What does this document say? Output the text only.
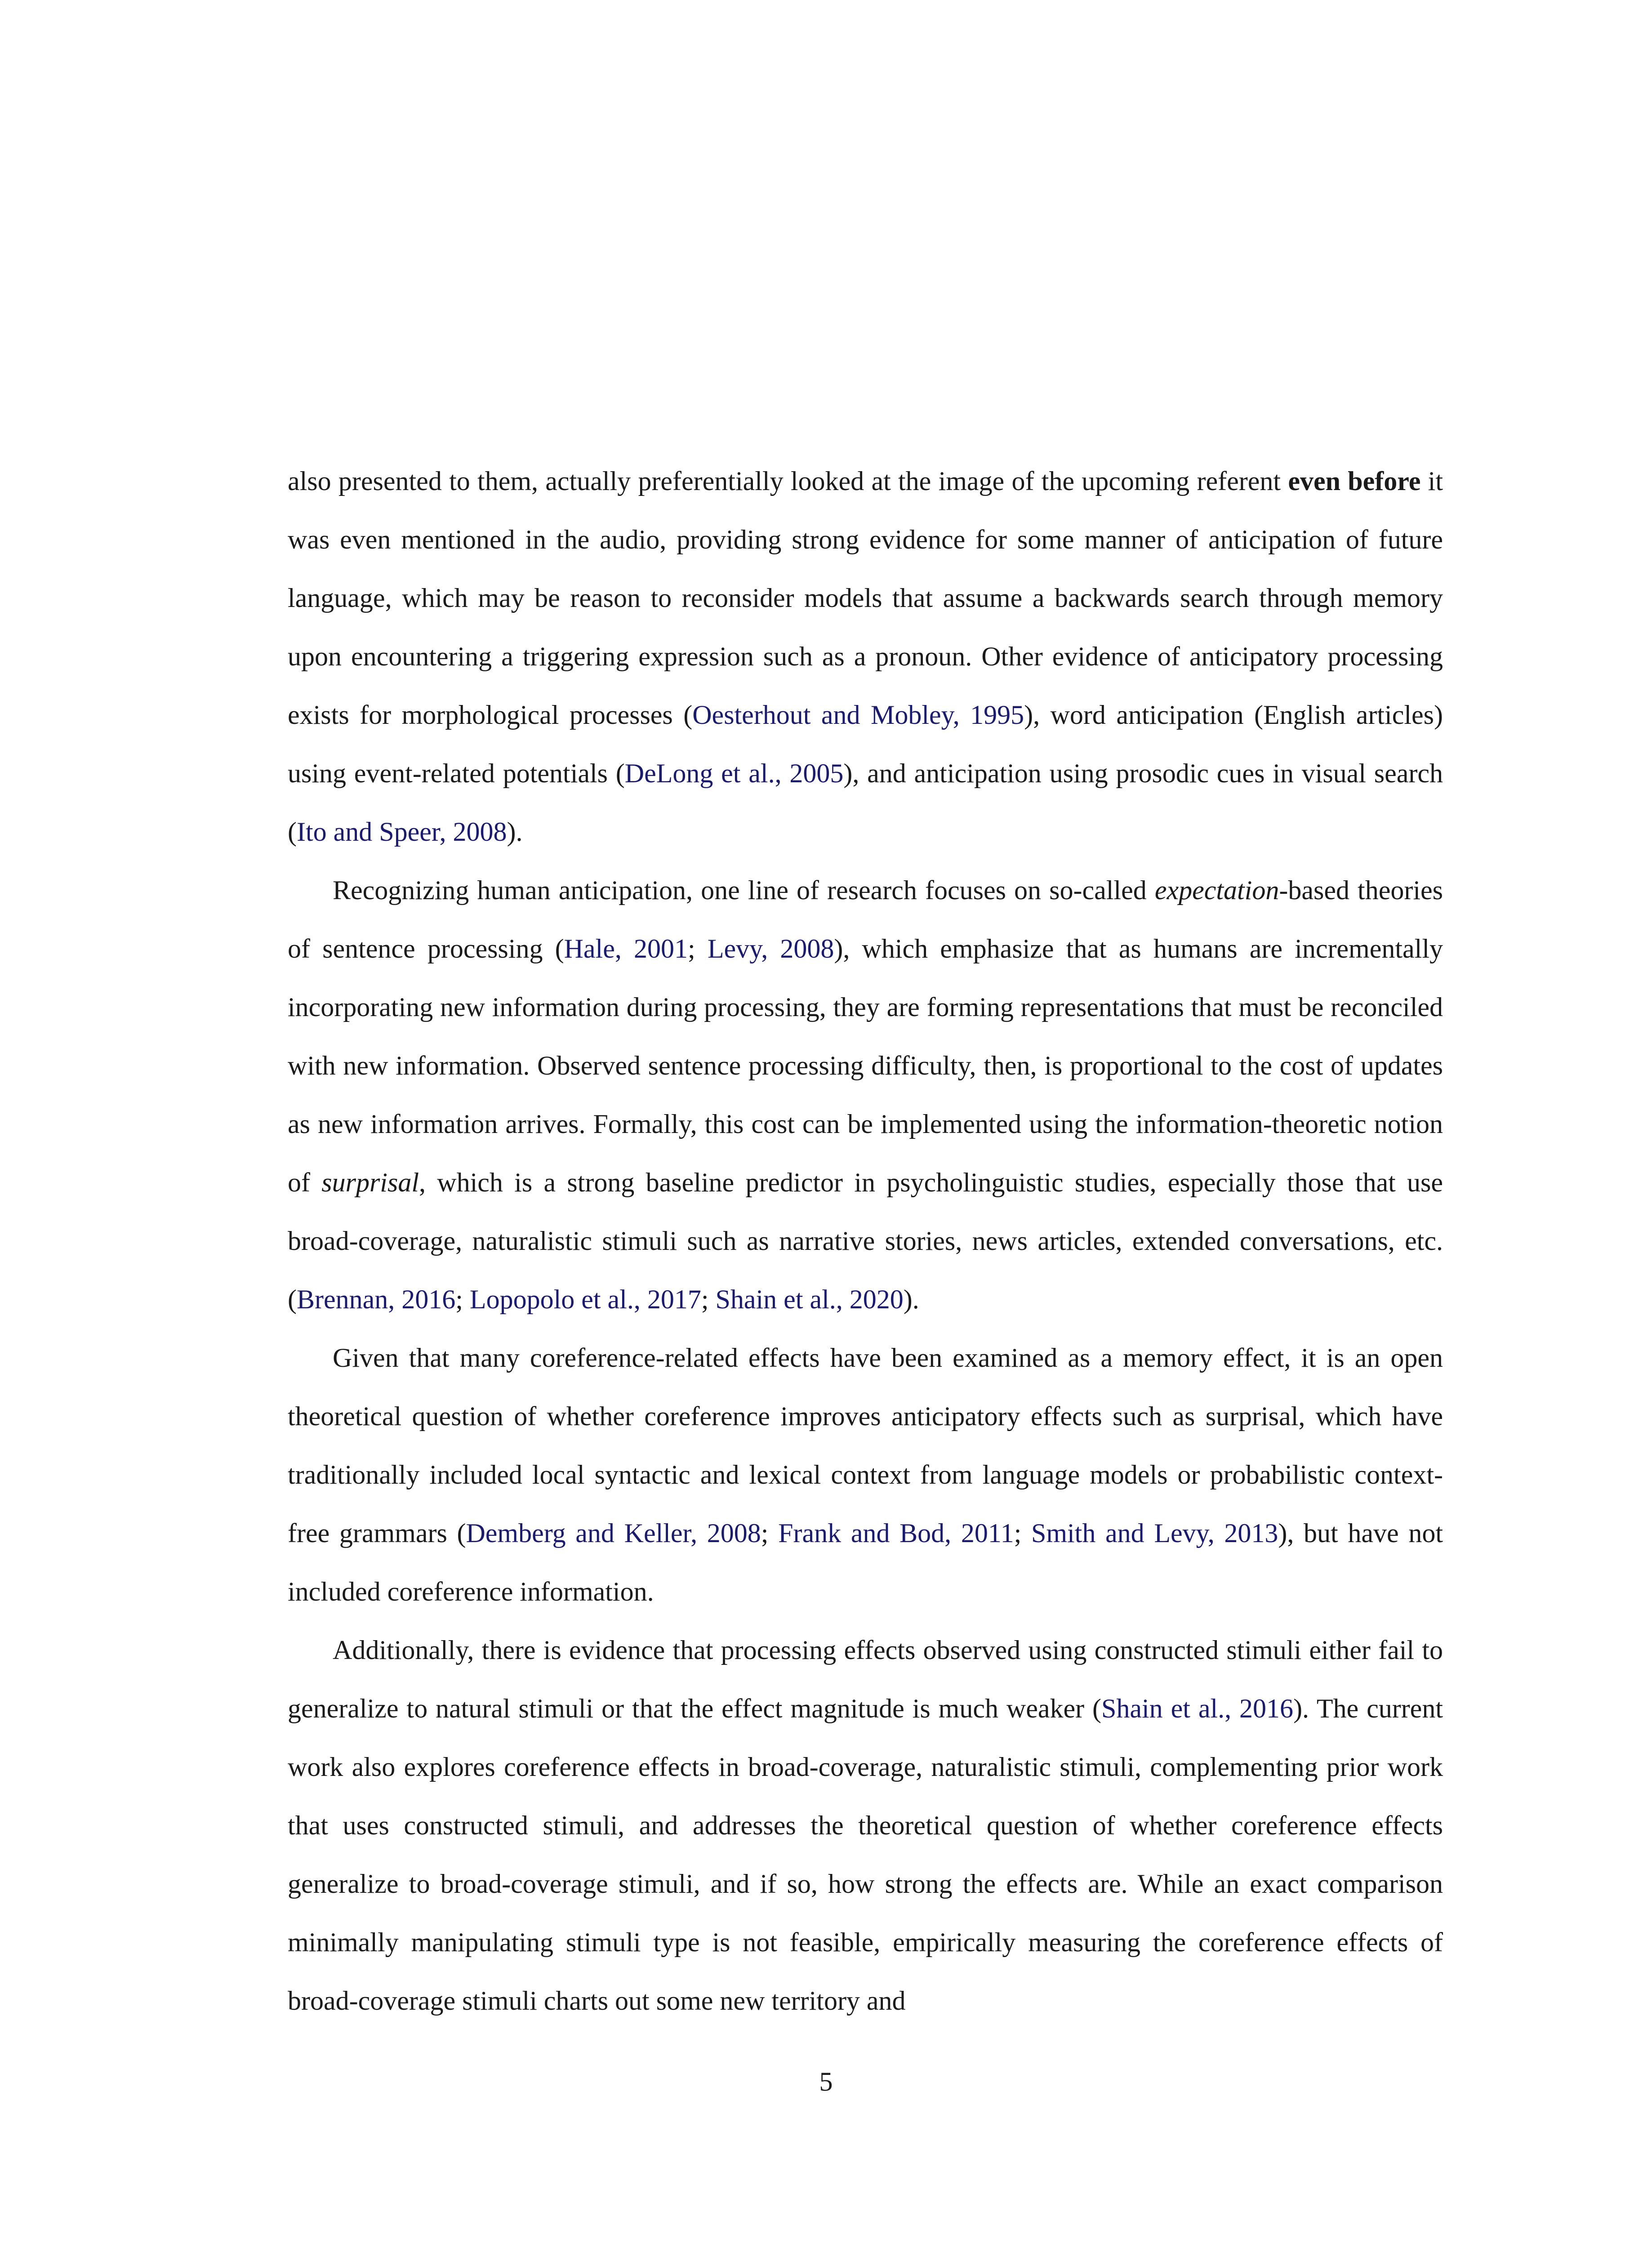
also presented to them, actually preferentially looked at the image of the upcoming referent even before it was even mentioned in the audio, providing strong evidence for some manner of anticipation of future language, which may be reason to reconsider models that assume a backwards search through memory upon encountering a triggering expression such as a pronoun. Other evidence of anticipatory processing exists for morphological processes (Oesterhout and Mobley, 1995), word anticipation (English articles) using event-related potentials (DeLong et al., 2005), and anticipation using prosodic cues in visual search (Ito and Speer, 2008).

Recognizing human anticipation, one line of research focuses on so-called expectation-based theories of sentence processing (Hale, 2001; Levy, 2008), which emphasize that as humans are incrementally incorporating new information during processing, they are forming representations that must be reconciled with new information. Observed sentence processing difficulty, then, is proportional to the cost of updates as new information arrives. Formally, this cost can be implemented using the information-theoretic notion of surprisal, which is a strong baseline predictor in psycholinguistic studies, especially those that use broad-coverage, naturalistic stimuli such as narrative stories, news articles, extended conversations, etc. (Brennan, 2016; Lopopolo et al., 2017; Shain et al., 2020).

Given that many coreference-related effects have been examined as a memory effect, it is an open theoretical question of whether coreference improves anticipatory effects such as surprisal, which have traditionally included local syntactic and lexical context from language models or probabilistic context-free grammars (Demberg and Keller, 2008; Frank and Bod, 2011; Smith and Levy, 2013), but have not included coreference information.

Additionally, there is evidence that processing effects observed using constructed stimuli either fail to generalize to natural stimuli or that the effect magnitude is much weaker (Shain et al., 2016). The current work also explores coreference effects in broad-coverage, naturalistic stimuli, complementing prior work that uses constructed stimuli, and addresses the theoretical question of whether coreference effects generalize to broad-coverage stimuli, and if so, how strong the effects are. While an exact comparison minimally manipulating stimuli type is not feasible, empirically measuring the coreference effects of broad-coverage stimuli charts out some new territory and

5
